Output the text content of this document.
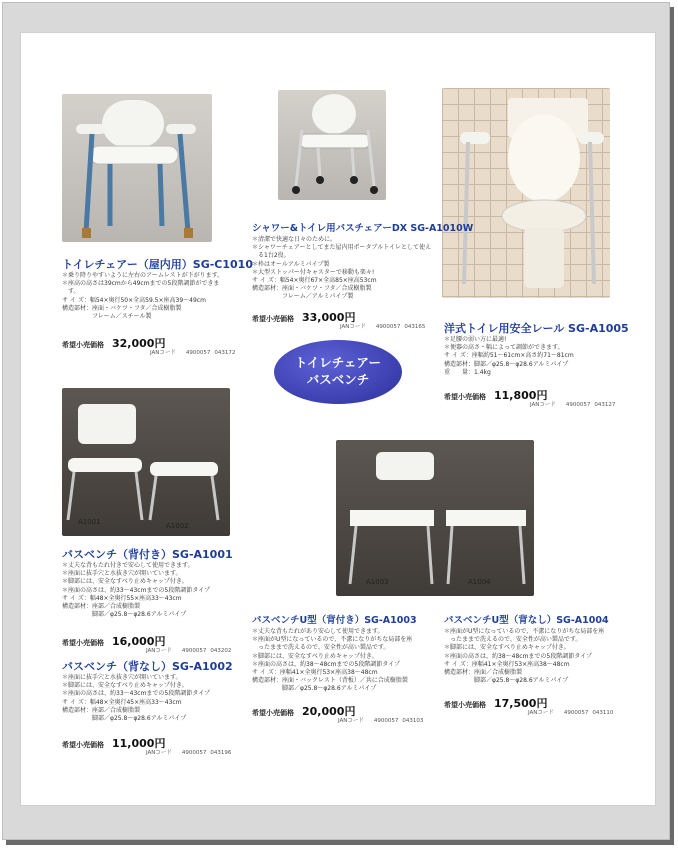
A1001	A1002
A1003	A1004
トイレチェアー
バスベンチ
トイレチェアー（屋内用）SG-C1010
＊乗り降りやすいように左右のアームレストが下がります。
＊座高の高さは39cmから49cmまでの5段階調節ができま
　す。
サ イ ズ：幅54×奥行50×全高59.5×座高39〜49cm
構造部材：座面・バケツ・フタ／合成樹脂製
　　　　　フレーム／スチール製
希望小売価格 32,000円
JANコード 4900057 043172
シャワー&トイレ用バスチェアーDX SG-A1010W
＊清潔で快適な日々のために。
＊シャワーチェアーとしてまた屋内用ポータブルトイレとして使え
　る1台2役。
＊枠はオールアルミパイプ製
＊大型ストッパー付キャスターで移動も楽々!
サ イ ズ：幅54×奥行67×全高85×座高53cm
構造部材：座面・バケツ・フタ／合成樹脂製
　　　　　フレーム／アルミパイプ製
希望小売価格 33,000円
JANコード 4900057 043165 洋式トイレ用安全レール SG-A1005
＊足腰の弱い方に最適!
＊便器の高さ・幅によって調節ができます。
サ イ ズ：座幅約51〜61cm×高さ約71〜81cm
構造部材：脚部／φ25.8〜φ28.6アルミパイプ
重　　量：1.4kg
希望小売価格 11,800円
JANコード 4900057 043127
バスベンチ（背付き）SG-A1001
＊丈夫な背もたれ付きで安心して使用できます。
＊座面に抜手穴と水抜き穴が開いています。
＊脚部には、安全なすべり止めキャップ付き。
＊座面の高さは、約33〜43cmまでの5段階調節タイプ
サ イ ズ：幅48×全奥行55×座高33〜43cm
構造部材：座部／合成樹脂製
　　　　　脚部／φ25.8〜φ28.6アルミパイプ
希望小売価格 16,000円
JANコード 4900057 043202
バスベンチ（背なし）SG-A1002
＊座面に抜手穴と水抜き穴が開いています。
＊脚部には、安全なすべり止めキャップ付き。
＊座面の高さは、約33〜43cmまでの5段階調節タイプ
サ イ ズ：幅48×全奥行45×座高33〜43cm
構造部材：座部／合成樹脂製
　　　　　脚部／φ25.8〜φ28.6アルミパイプ
希望小売価格 11,000円
JANコード 4900057 043196
バスベンチU型（背付き）SG-A1003
＊丈夫な背もたれがあり安心して使用できます。
＊座面がU型になっているので、不潔になりがちな局部を座
　ったままで洗えるので、安全性が高い製品です。
＊脚部には、安全なすべり止めキャップ付き。
＊座面の高さは、約38〜48cmまでの5段階調節タイプ
サ イ ズ：座幅41×全奥行53×座高38〜48cm
構造部材：座面・バックレスト（背板）／共に合成樹脂製
　　　　　脚部／φ25.8〜φ28.6アルミパイプ
希望小売価格 20,000円
JANコード 4900057 043103
バスベンチU型（背なし）SG-A1004
＊座面がU型になっているので、不潔になりがちな局部を座
　ったままで洗えるので、安全性が高い製品です。
＊脚部には、安全なすべり止めキャップ付き。
＊座面の高さは、約38〜48cmまでの5段階調節タイプ
サ イ ズ：座幅41×全奥行53×座高38〜48cm
構造部材：座面／合成樹脂製
　　　　　脚部／φ25.8〜φ28.6アルミパイプ
希望小売価格 17,500円
JANコード 4900057 043110
